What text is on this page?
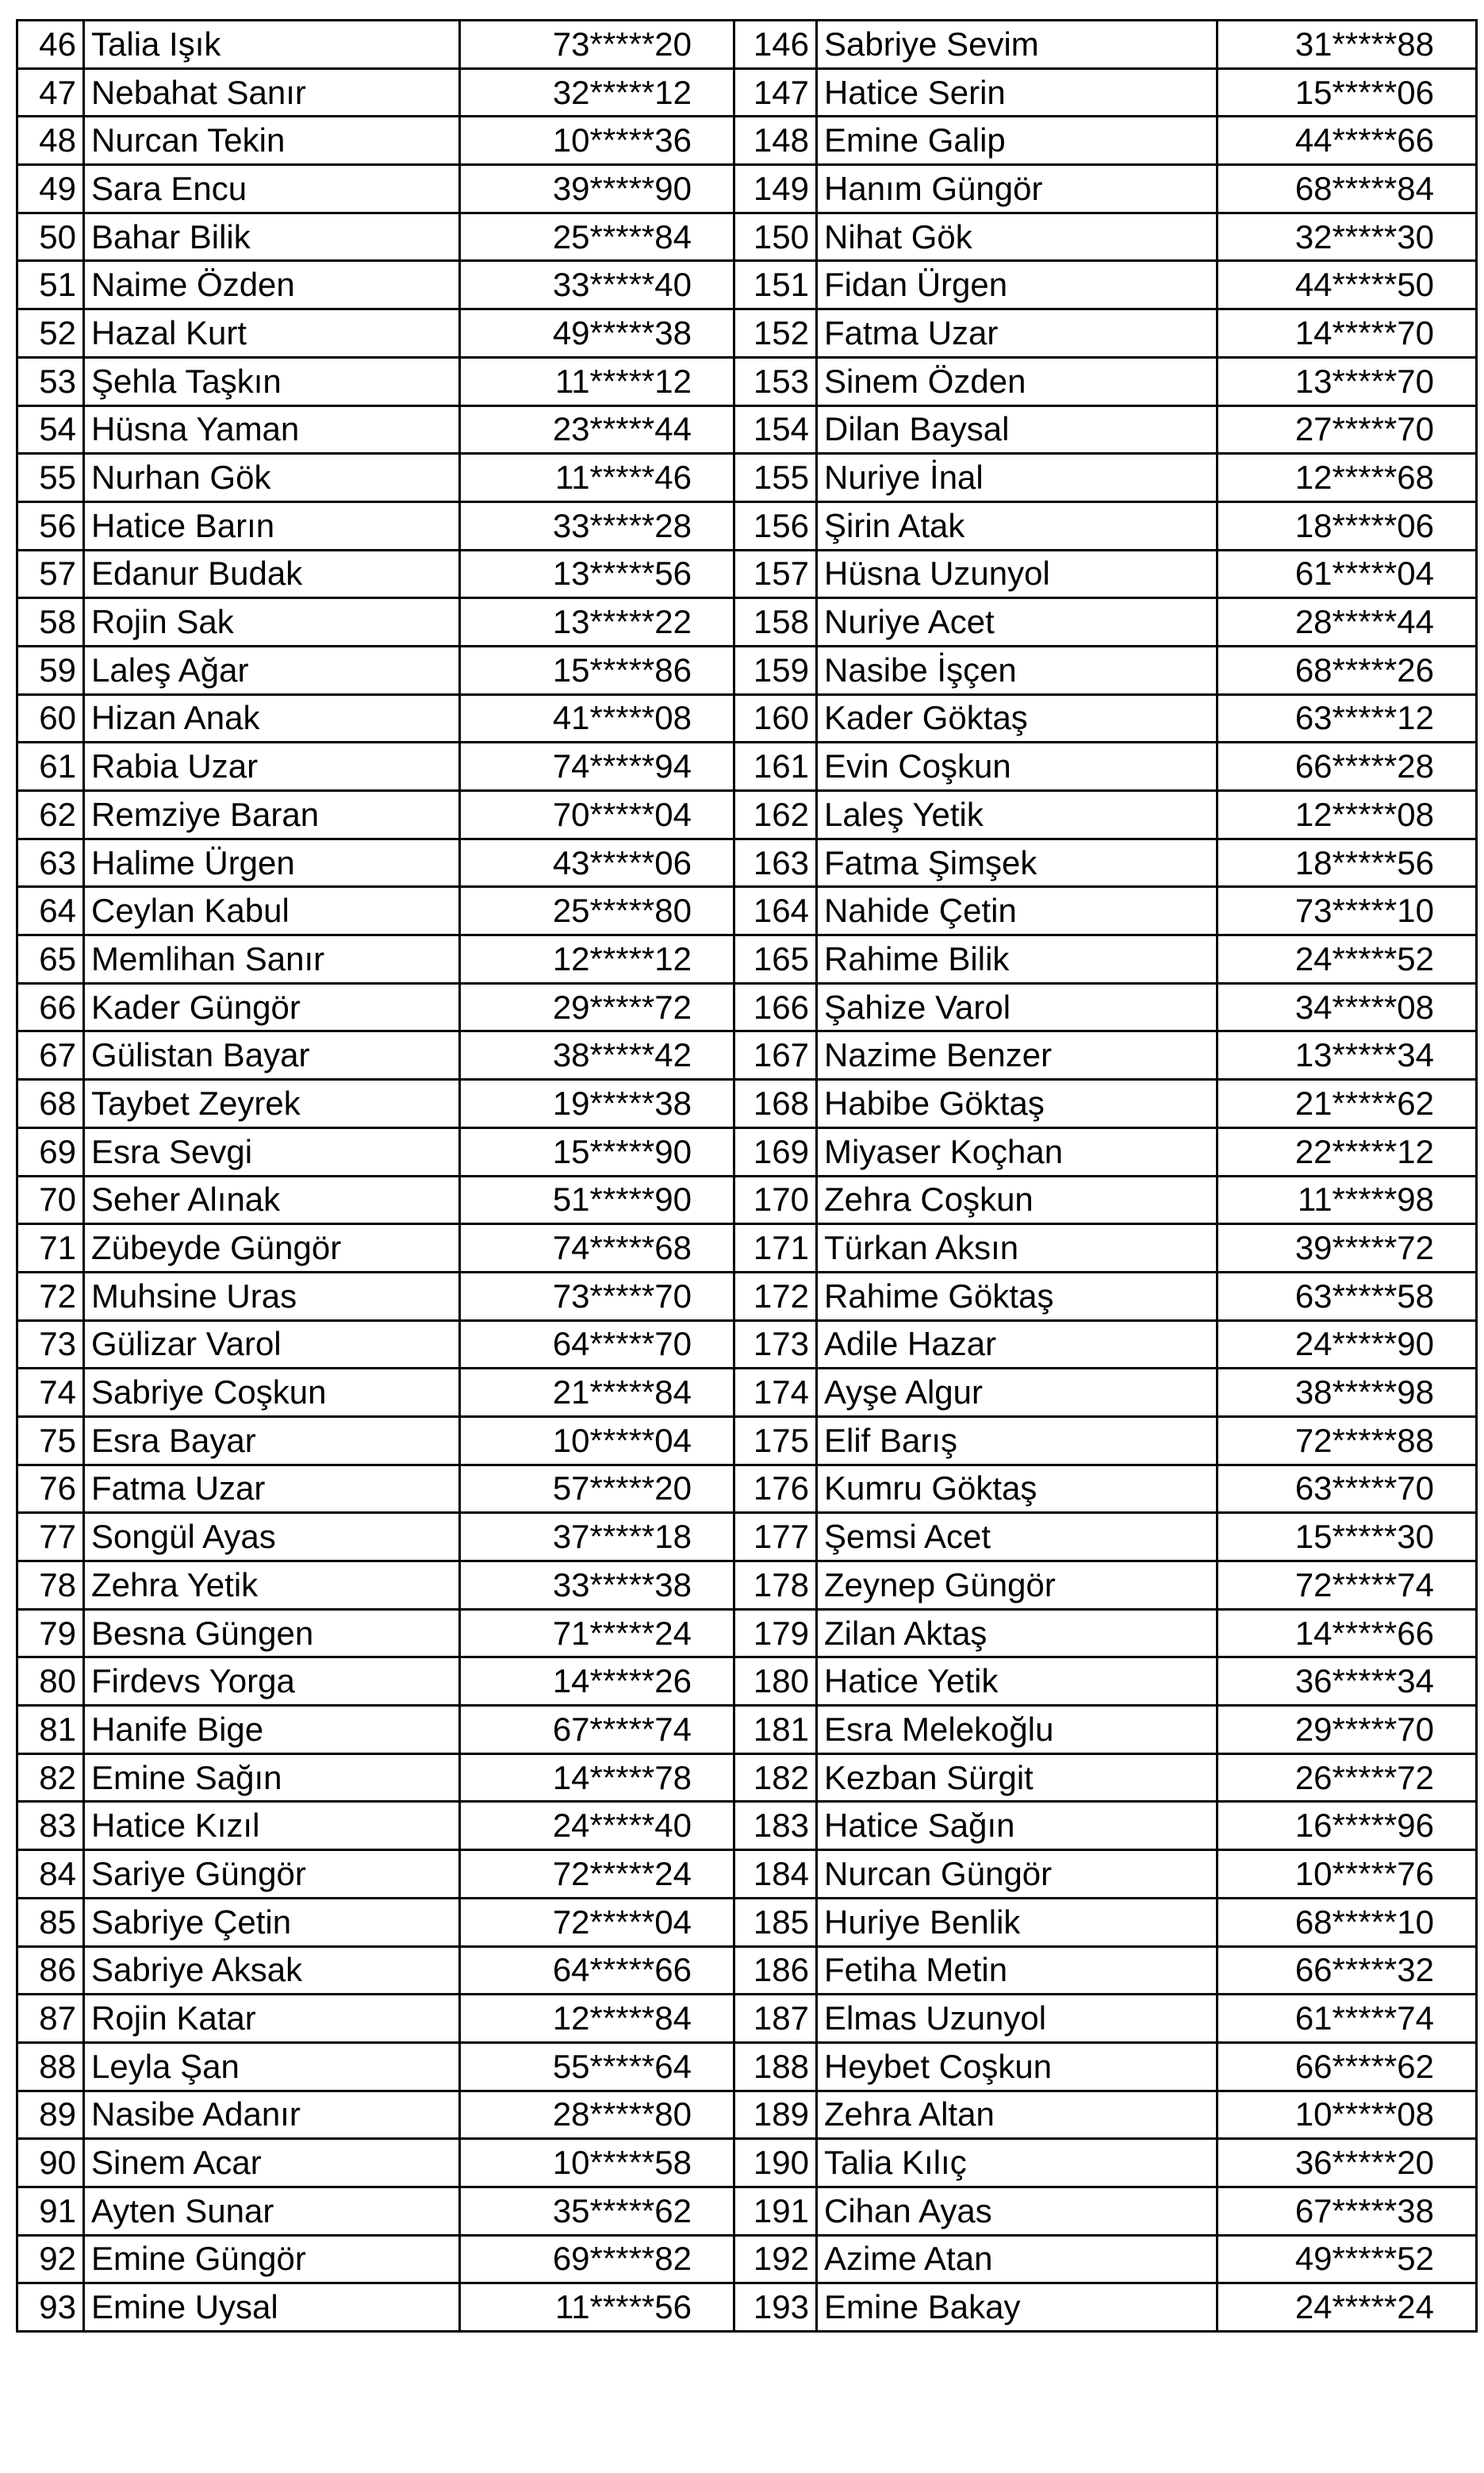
46	Talia Işık	73*****20	146	Sabriye Sevim	31*****88
47	Nebahat Sanır	32*****12	147	Hatice Serin	15*****06
48	Nurcan Tekin	10*****36	148	Emine Galip	44*****66
49	Sara Encu	39*****90	149	Hanım Güngör	68*****84
50	Bahar Bilik	25*****84	150	Nihat Gök	32*****30
51	Naime Özden	33*****40	151	Fidan Ürgen	44*****50
52	Hazal Kurt	49*****38	152	Fatma Uzar	14*****70
53	Şehla Taşkın	11*****12	153	Sinem Özden	13*****70
54	Hüsna Yaman	23*****44	154	Dilan Baysal	27*****70
55	Nurhan Gök	11*****46	155	Nuriye İnal	12*****68
56	Hatice Barın	33*****28	156	Şirin Atak	18*****06
57	Edanur Budak	13*****56	157	Hüsna Uzunyol	61*****04
58	Rojin Sak	13*****22	158	Nuriye Acet	28*****44
59	Laleş Ağar	15*****86	159	Nasibe İşçen	68*****26
60	Hizan Anak	41*****08	160	Kader Göktaş	63*****12
61	Rabia Uzar	74*****94	161	Evin Coşkun	66*****28
62	Remziye Baran	70*****04	162	Laleş Yetik	12*****08
63	Halime Ürgen	43*****06	163	Fatma Şimşek	18*****56
64	Ceylan Kabul	25*****80	164	Nahide Çetin	73*****10
65	Memlihan Sanır	12*****12	165	Rahime Bilik	24*****52
66	Kader Güngör	29*****72	166	Şahize Varol	34*****08
67	Gülistan Bayar	38*****42	167	Nazime Benzer	13*****34
68	Taybet Zeyrek	19*****38	168	Habibe Göktaş	21*****62
69	Esra Sevgi	15*****90	169	Miyaser Koçhan	22*****12
70	Seher Alınak	51*****90	170	Zehra Coşkun	11*****98
71	Zübeyde Güngör	74*****68	171	Türkan Aksın	39*****72
72	Muhsine Uras	73*****70	172	Rahime Göktaş	63*****58
73	Gülizar Varol	64*****70	173	Adile Hazar	24*****90
74	Sabriye Coşkun	21*****84	174	Ayşe Algur	38*****98
75	Esra Bayar	10*****04	175	Elif Barış	72*****88
76	Fatma Uzar	57*****20	176	Kumru Göktaş	63*****70
77	Songül Ayas	37*****18	177	Şemsi Acet	15*****30
78	Zehra Yetik	33*****38	178	Zeynep Güngör	72*****74
79	Besna Güngen	71*****24	179	Zilan Aktaş	14*****66
80	Firdevs Yorga	14*****26	180	Hatice Yetik	36*****34
81	Hanife Bige	67*****74	181	Esra Melekoğlu	29*****70
82	Emine Sağın	14*****78	182	Kezban Sürgit	26*****72
83	Hatice Kızıl	24*****40	183	Hatice Sağın	16*****96
84	Sariye Güngör	72*****24	184	Nurcan Güngör	10*****76
85	Sabriye Çetin	72*****04	185	Huriye Benlik	68*****10
86	Sabriye Aksak	64*****66	186	Fetiha Metin	66*****32
87	Rojin Katar	12*****84	187	Elmas Uzunyol	61*****74
88	Leyla Şan	55*****64	188	Heybet Coşkun	66*****62
89	Nasibe Adanır	28*****80	189	Zehra Altan	10*****08
90	Sinem Acar	10*****58	190	Talia Kılıç	36*****20
91	Ayten Sunar	35*****62	191	Cihan Ayas	67*****38
92	Emine Güngör	69*****82	192	Azime Atan	49*****52
93	Emine Uysal	11*****56	193	Emine Bakay	24*****24
